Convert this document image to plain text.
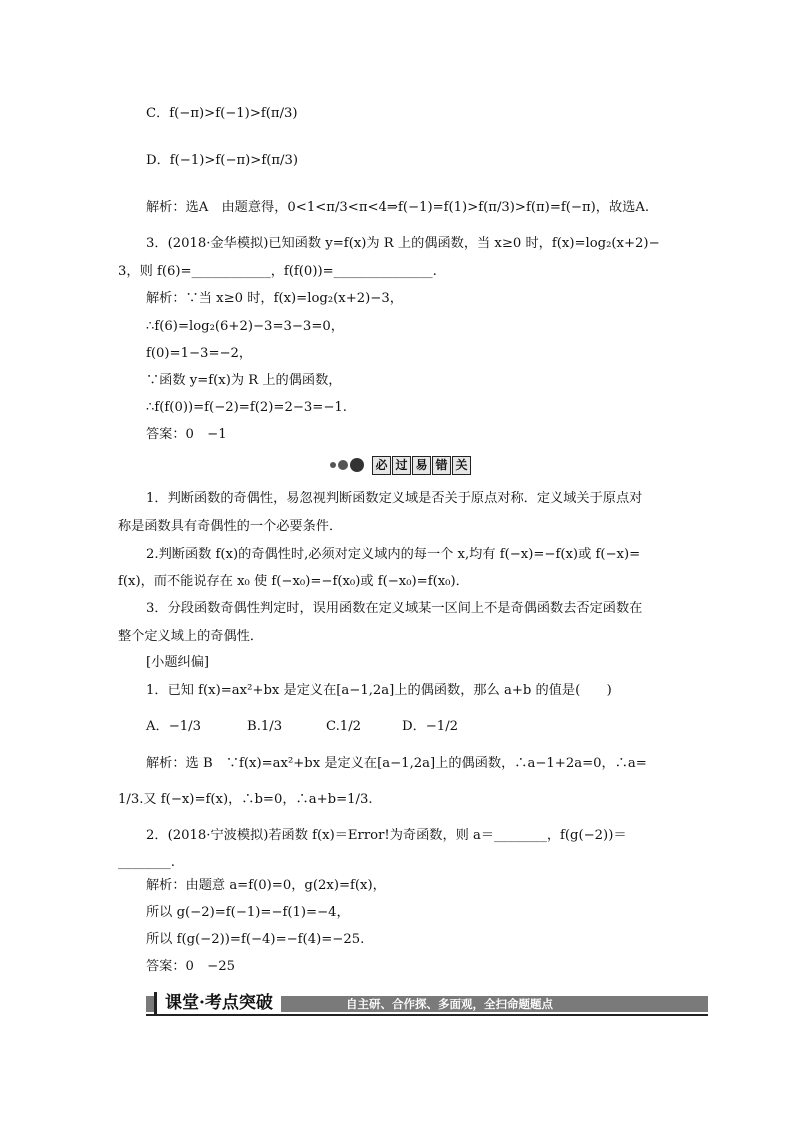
C．f(−π)>f(−1)>f(π/3)
D．f(−1)>f(−π)>f(π/3)
解析：选A　由题意得，0<1<π/3<π<4⇒f(−1)=f(1)>f(π/3)>f(π)=f(−π)，故选A.
3．(2018·金华模拟)已知函数 y=f(x)为 R 上的偶函数，当 x≥0 时，f(x)=log₂(x+2)−
3，则 f(6)=____________，f(f(0))=_______________.
解析：∵当 x≥0 时，f(x)=log₂(x+2)−3，
∴f(6)=log₂(6+2)−3=3−3=0，
f(0)=1−3=−2，
∵函数 y=f(x)为 R 上的偶函数，
∴f(f(0))=f(−2)=f(2)=2−3=−1.
答案：0　−1
必 过 易 错 关
1．判断函数的奇偶性，易忽视判断函数定义域是否关于原点对称．定义域关于原点对
称是函数具有奇偶性的一个必要条件．
2.判断函数 f(x)的奇偶性时,必须对定义域内的每一个 x,均有 f(−x)=−f(x)或 f(−x)=
f(x)，而不能说存在 x₀ 使 f(−x₀)=−f(x₀)或 f(−x₀)=f(x₀)．
3．分段函数奇偶性判定时，误用函数在定义域某一区间上不是奇偶函数去否定函数在
整个定义域上的奇偶性．
[小题纠偏]
1．已知 f(x)=ax²+bx 是定义在[a−1,2a]上的偶函数，那么 a+b 的值是(　　)
A．−1/3	B.1/3	C.1/2	D．−1/2
解析：选 B　∵f(x)=ax²+bx 是定义在[a−1,2a]上的偶函数，∴a−1+2a=0，∴a=
1/3.又 f(−x)=f(x)，∴b=0，∴a+b=1/3.
2．(2018·宁波模拟)若函数 f(x)＝Error!为奇函数，则 a＝________，f(g(−2))＝
________.
解析：由题意 a=f(0)=0，g(2x)=f(x)，
所以 g(−2)=f(−1)=−f(1)=−4，
所以 f(g(−2))=f(−4)=−f(4)=−25.
答案：0　−25
课堂·考点突破	自主研、合作探、多面观，全扫命题题点
